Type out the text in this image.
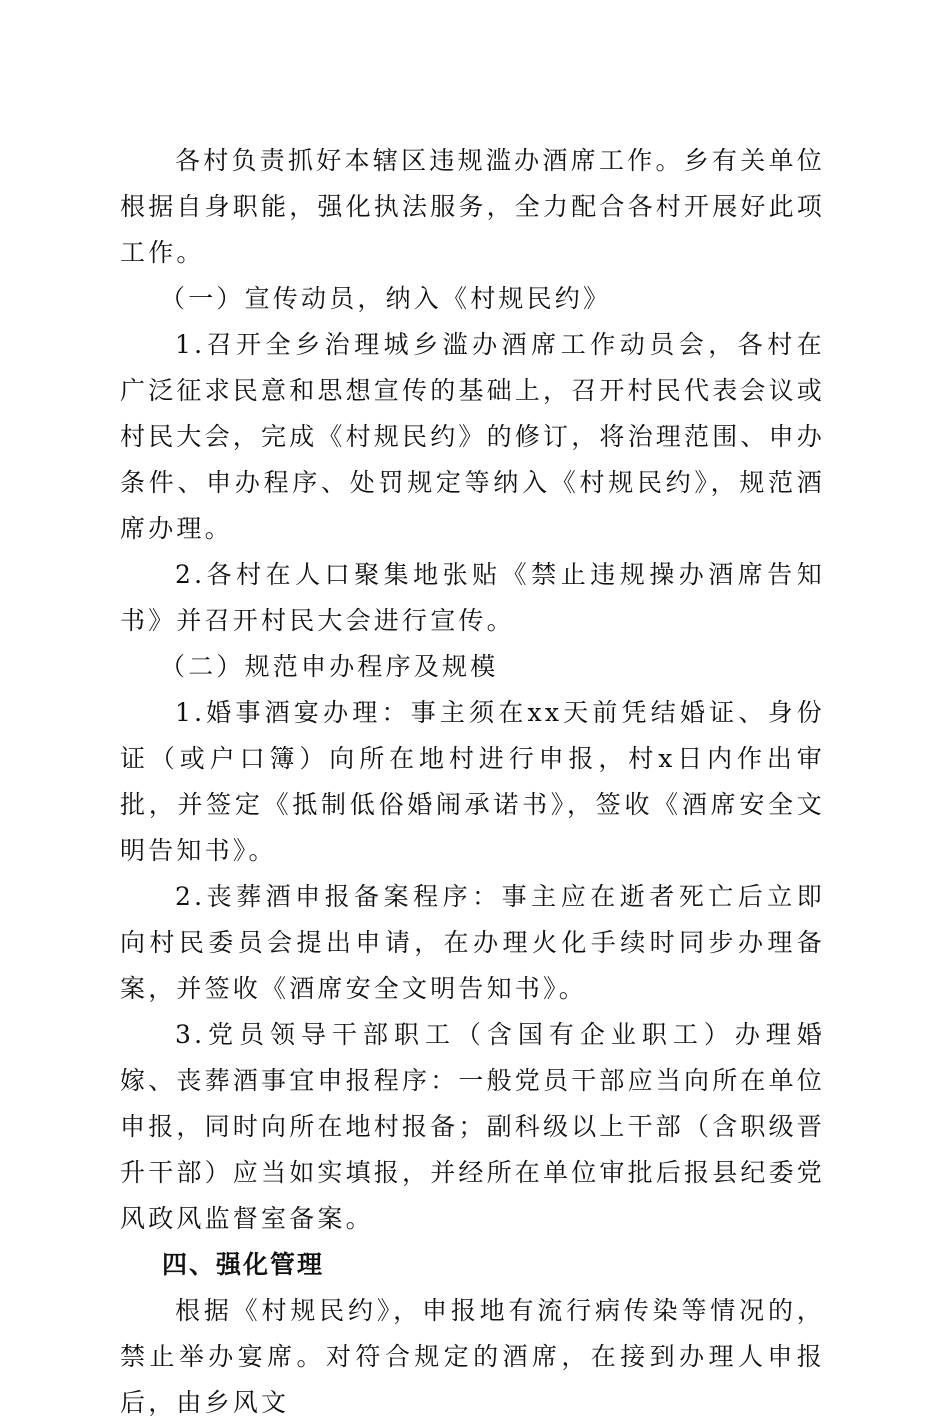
各村负责抓好本辖区违规滥办酒席工作。乡有关单位根据自身职能，强化执法服务，全力配合各村开展好此项工作。

（一）宣传动员，纳入《村规民约》

1.召开全乡治理城乡滥办酒席工作动员会，各村在广泛征求民意和思想宣传的基础上，召开村民代表会议或村民大会，完成《村规民约》的修订，将治理范围、申办条件、申办程序、处罚规定等纳入《村规民约》，规范酒席办理。

2.各村在人口聚集地张贴《禁止违规操办酒席告知书》并召开村民大会进行宣传。

（二）规范申办程序及规模

1.婚事酒宴办理：事主须在xx天前凭结婚证、身份证（或户口簿）向所在地村进行申报，村x日内作出审批，并签定《抵制低俗婚闹承诺书》，签收《酒席安全文明告知书》。

2.丧葬酒申报备案程序：事主应在逝者死亡后立即向村民委员会提出申请，在办理火化手续时同步办理备案，并签收《酒席安全文明告知书》。

3.党员领导干部职工（含国有企业职工）办理婚嫁、丧葬酒事宜申报程序：一般党员干部应当向所在单位申报，同时向所在地村报备；副科级以上干部（含职级晋升干部）应当如实填报，并经所在单位审批后报县纪委党风政风监督室备案。

四、强化管理

根据《村规民约》，申报地有流行病传染等情况的，禁止举办宴席。对符合规定的酒席，在接到办理人申报后，由乡风文
